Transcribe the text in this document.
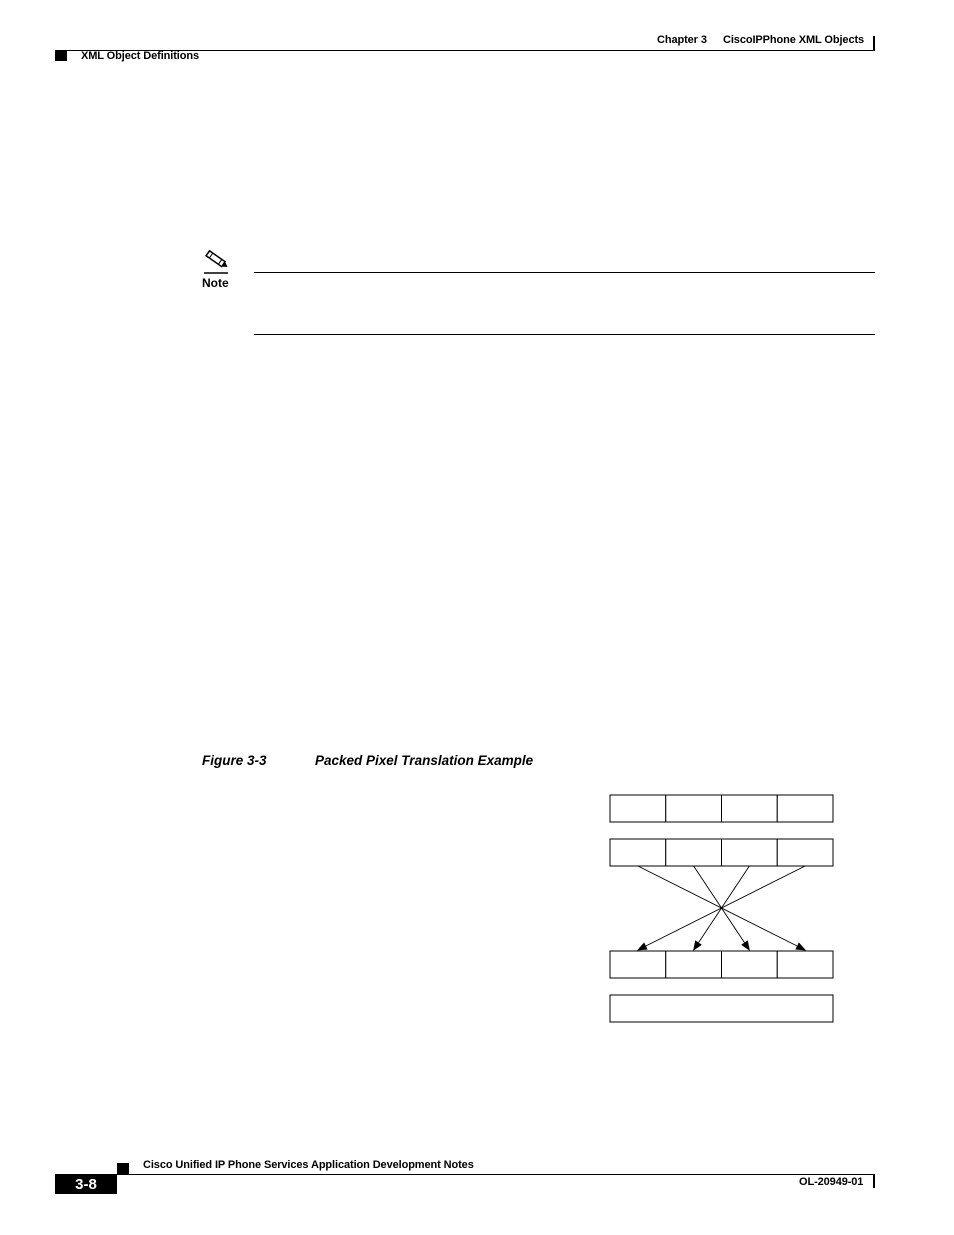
Chapter 3 CiscoIPPhone XML Objects
XML Object Definitions
Note
Figure 3-3	Packed Pixel Translation Example
Cisco Unified IP Phone Services Application Development Notes
3-8	OL-20949-01
